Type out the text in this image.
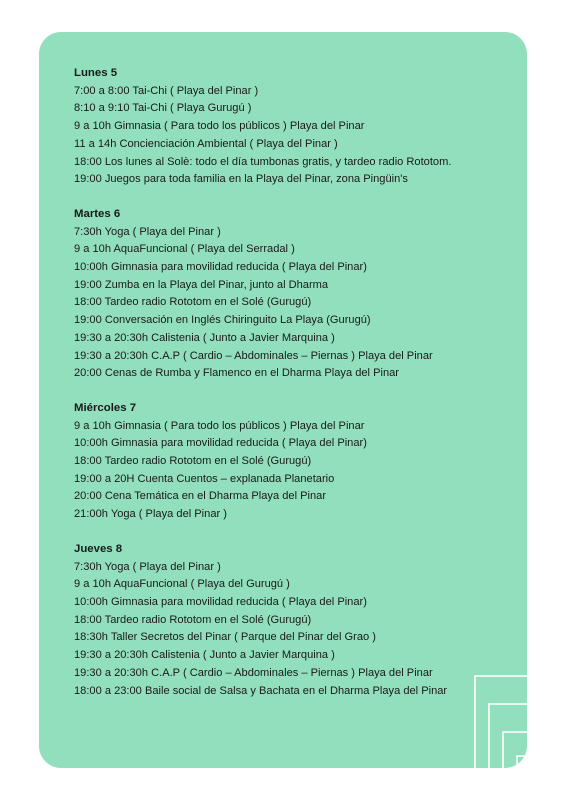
Lunes 5

7:00 a 8:00 Tai-Chi ( Playa del Pinar )

8:10 a 9:10 Tai-Chi ( Playa Gurugú )

9 a 10h Gimnasia ( Para todo los públicos ) Playa del Pinar

11 a 14h Concienciación Ambiental ( Playa del Pinar )

18:00 Los lunes al Solè: todo el día tumbonas gratis, y tardeo radio Rototom.

19:00 Juegos para toda familia en la Playa del Pinar, zona Pingüin's

Martes 6

7:30h Yoga ( Playa del Pinar )

9 a 10h AquaFuncional ( Playa del Serradal )

10:00h Gimnasia para movilidad reducida ( Playa del Pinar)

19:00 Zumba en la Playa del Pinar, junto al Dharma

18:00 Tardeo radio Rototom en el Solé (Gurugú)

19:00 Conversación en Inglés Chiringuito La Playa (Gurugú)

19:30 a 20:30h Calistenia ( Junto a Javier Marquina )

19:30 a 20:30h C.A.P ( Cardio – Abdominales – Piernas ) Playa del Pinar

20:00 Cenas de Rumba y Flamenco en el Dharma Playa del Pinar

Miércoles 7

9 a 10h Gimnasia ( Para todo los públicos ) Playa del Pinar

10:00h Gimnasia para movilidad reducida ( Playa del Pinar)

18:00 Tardeo radio Rototom en el Solé (Gurugú)

19:00 a 20H Cuenta Cuentos – explanada Planetario

20:00 Cena Temática en el Dharma Playa del Pinar

21:00h Yoga ( Playa del Pinar )

Jueves 8

7:30h Yoga ( Playa del Pinar )

9 a 10h AquaFuncional ( Playa del Gurugú )

10:00h Gimnasia para movilidad reducida ( Playa del Pinar)

18:00 Tardeo radio Rototom en el Solé (Gurugú)

18:30h Taller Secretos del Pinar ( Parque del Pinar del Grao )

19:30 a 20:30h Calistenia ( Junto a Javier Marquina )

19:30 a 20:30h C.A.P ( Cardio – Abdominales – Piernas ) Playa del Pinar

18:00 a 23:00 Baile social de Salsa y Bachata en el Dharma Playa del Pinar
